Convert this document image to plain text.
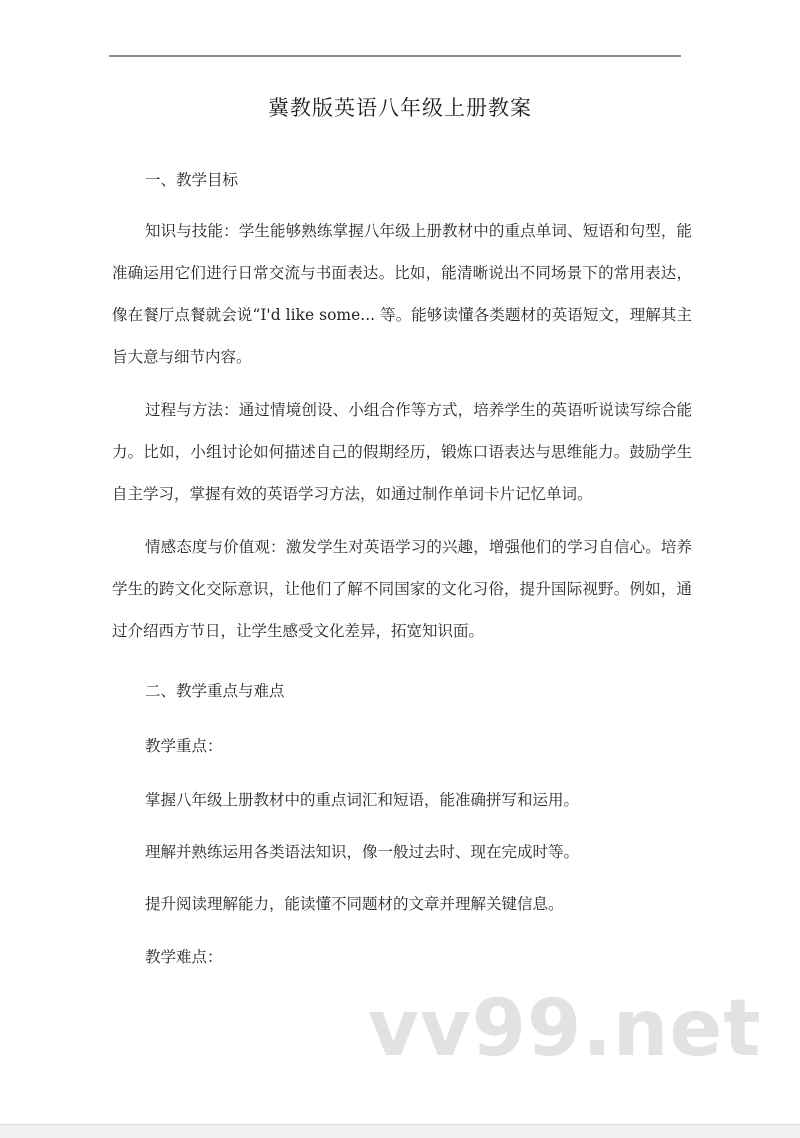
冀教版英语八年级上册教案
一、教学目标

知识与技能：学生能够熟练掌握八年级上册教材中的重点单词、短语和句型，能准确运用它们进行日常交流与书面表达。比如，能清晰说出不同场景下的常用表达，像在餐厅点餐就会说“I'd like some... 等。能够读懂各类题材的英语短文，理解其主旨大意与细节内容。

过程与方法：通过情境创设、小组合作等方式，培养学生的英语听说读写综合能力。比如，小组讨论如何描述自己的假期经历，锻炼口语表达与思维能力。鼓励学生自主学习，掌握有效的英语学习方法，如通过制作单词卡片记忆单词。

情感态度与价值观：激发学生对英语学习的兴趣，增强他们的学习自信心。培养学生的跨文化交际意识，让他们了解不同国家的文化习俗，提升国际视野。例如，通过介绍西方节日，让学生感受文化差异，拓宽知识面。

二、教学重点与难点

教学重点：

掌握八年级上册教材中的重点词汇和短语，能准确拼写和运用。

理解并熟练运用各类语法知识，像一般过去时、现在完成时等。

提升阅读理解能力，能读懂不同题材的文章并理解关键信息。

教学难点：

vv99.net
